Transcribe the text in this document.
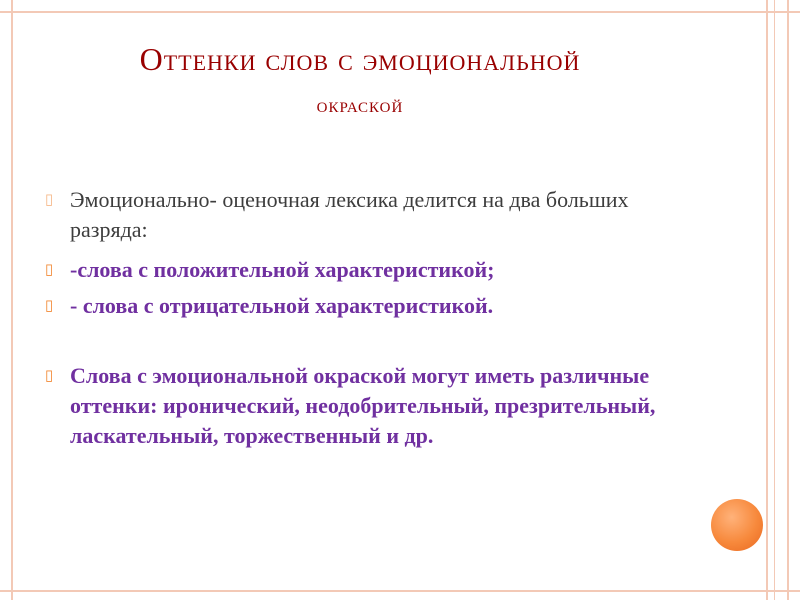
Оттенки слов с эмоциональной
окраской
▯ Эмоционально- оценочная лексика делится на два больших разряда:
▯ -слова с положительной характеристикой;
▯ - слова с отрицательной характеристикой.
▯ Слова с эмоциональной окраской могут иметь различные оттенки: иронический, неодобрительный, презрительный, ласкательный, торжественный и др.
